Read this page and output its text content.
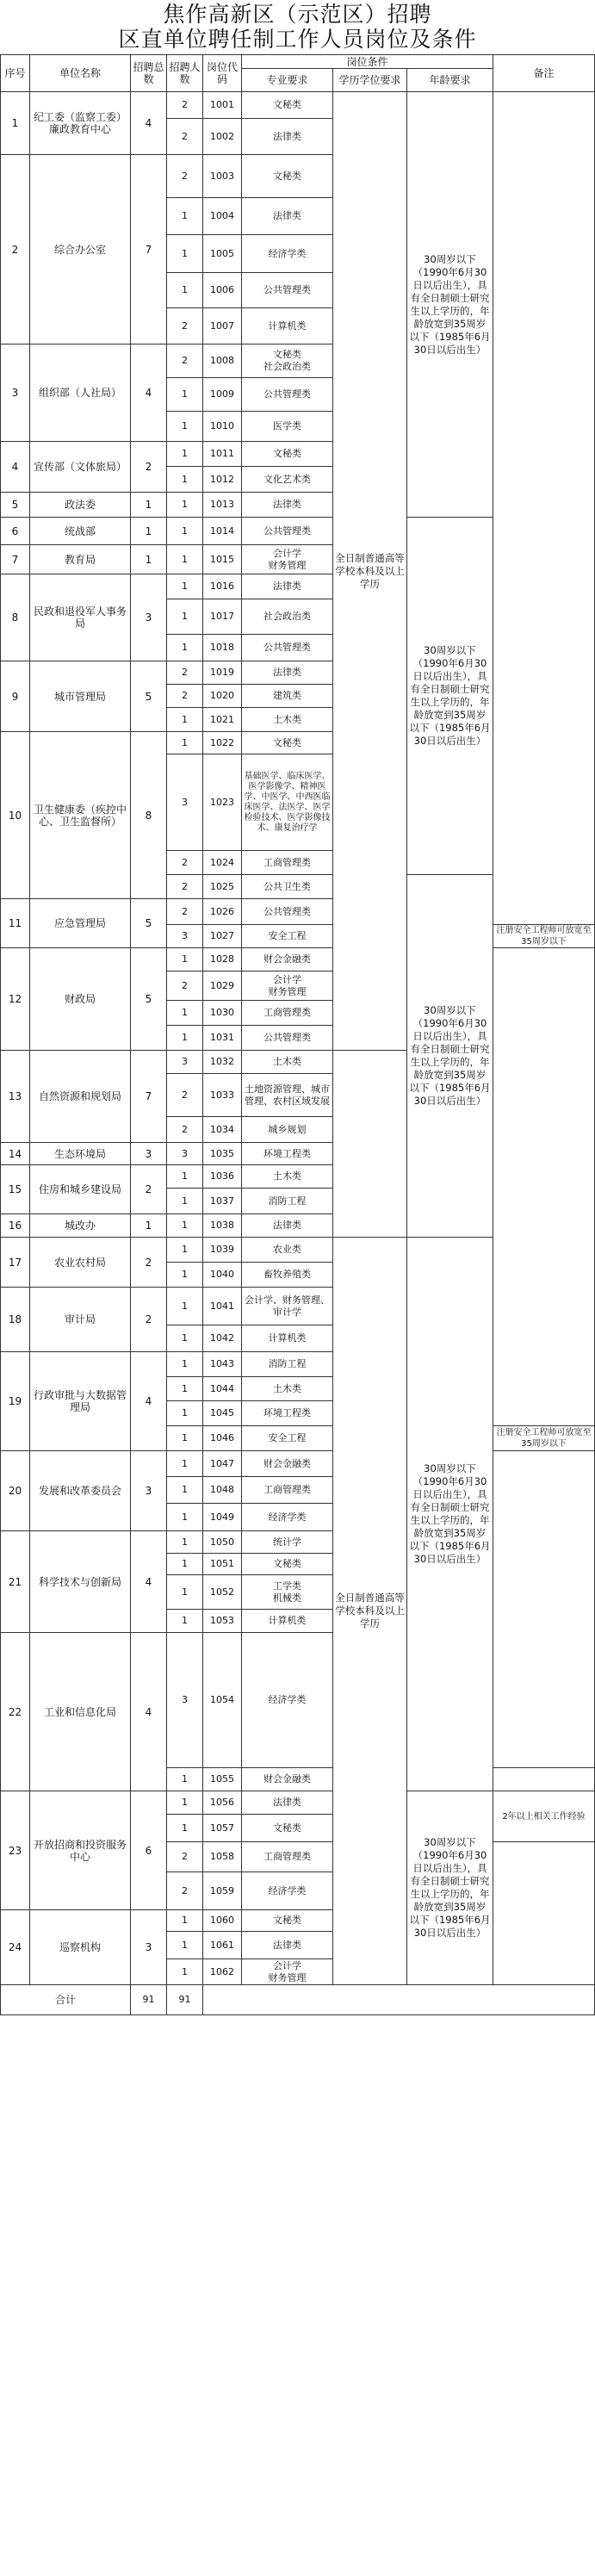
焦作高新区（示范区）招聘
区直单位聘任制工作人员岗位及条件
序号	单位名称	招聘总数	招聘人数	岗位代码	岗位条件			备注	
					专业要求	学历学位要求	年龄要求		
1	纪工委（监察工委）廉政教育中心	4	2	1001	文秘类	全日制普通高等学校本科及以上学历	30周岁以下（1990年6月30日以后出生），具有全日制硕士研究生以上学历的，年龄放宽到35周岁以下（1985年6月30日以后出生）		
			2	1002	法律类				
2	综合办公室	7	2	1003	文秘类				
			1	1004	法律类				
			1	1005	经济学类				
			1	1006	公共管理类				
			2	1007	计算机类				
3	组织部（人社局）	4	2	1008	文秘类
社会政治类				
			1	1009	公共管理类				
			1	1010	医学类				
4	宣传部（文体旅局）	2	1	1011	文秘类				
			1	1012	文化艺术类				
5	政法委	1	1	1013	法律类				
6	统战部	1	1	1014	公共管理类		30周岁以下（1990年6月30日以后出生），具有全日制硕士研究生以上学历的，年龄放宽到35周岁以下（1985年6月30日以后出生）		
7	教育局	1	1	1015	会计学
财务管理				
8	民政和退役军人事务局	3	1	1016	法律类				
			1	1017	社会政治类				
			1	1018	公共管理类				
9	城市管理局	5	2	1019	法律类				
			2	1020	建筑类				
			1	1021	土木类				
10	卫生健康委（疾控中心、卫生监督所）	8	1	1022	文秘类				
			3	1023	基础医学、临床医学、医学影像学、精神医学、中医学、中西医临床医学、法医学、医学检验技术、医学影像技术、康复治疗学				
			2	1024	工商管理类				
			2	1025	公共卫生类		30周岁以下（1990年6月30日以后出生），具有全日制硕士研究生以上学历的，年龄放宽到35周岁以下（1985年6月30日以后出生）		
11	应急管理局	5	2	1026	公共管理类				
			3	1027	安全工程			注册安全工程师可放宽至35周岁以下	
12	财政局	5	1	1028	财会金融类				
			2	1029	会计学
财务管理				
			1	1030	工商管理类				
			1	1031	公共管理类				
13	自然资源和规划局	7	3	1032	土木类				
			2	1033	土地资源管理、城市管理、农村区域发展				
			2	1034	城乡规划				
14	生态环境局	3	3	1035	环境工程类				
15	住房和城乡建设局	2	1	1036	土木类				
			1	1037	消防工程				
16	城改办	1	1	1038	法律类				
17	农业农村局	2	1	1039	农业类	全日制普通高等学校本科及以上学历	30周岁以下（1990年6月30日以后出生），具有全日制硕士研究生以上学历的，年龄放宽到35周岁以下（1985年6月30日以后出生）		
			1	1040	畜牧养殖类				
18	审计局	2	1	1041	会计学、财务管理、审计学				
			1	1042	计算机类				
19	行政审批与大数据管理局	4	1	1043	消防工程				
			1	1044	土木类				
			1	1045	环境工程类				
			1	1046	安全工程			注册安全工程师可放宽至35周岁以下	
20	发展和改革委员会	3	1	1047	财会金融类				
			1	1048	工商管理类				
			1	1049	经济学类				
21	科学技术与创新局	4	1	1050	统计学				
			1	1051	文秘类				
			1	1052	工学类
机械类				
			1	1053	计算机类				
22	工业和信息化局	4	3	1054	经济学类	
			1	1055	财会金融类				
23	开放招商和投资服务中心	6	1	1056	法律类		30周岁以下（1990年6月30日以后出生），具有全日制硕士研究生以上学历的，年龄放宽到35周岁以下（1985年6月30日以后出生）	2年以上相关工作经验	
			1	1057	文秘类				
			2	1058	工商管理类				
			2	1059	经济学类				
24	巡察机构	3	1	1060	文秘类				
			1	1061	法律类				
			1	1062	会计学
财务管理				
合计		91	91						
